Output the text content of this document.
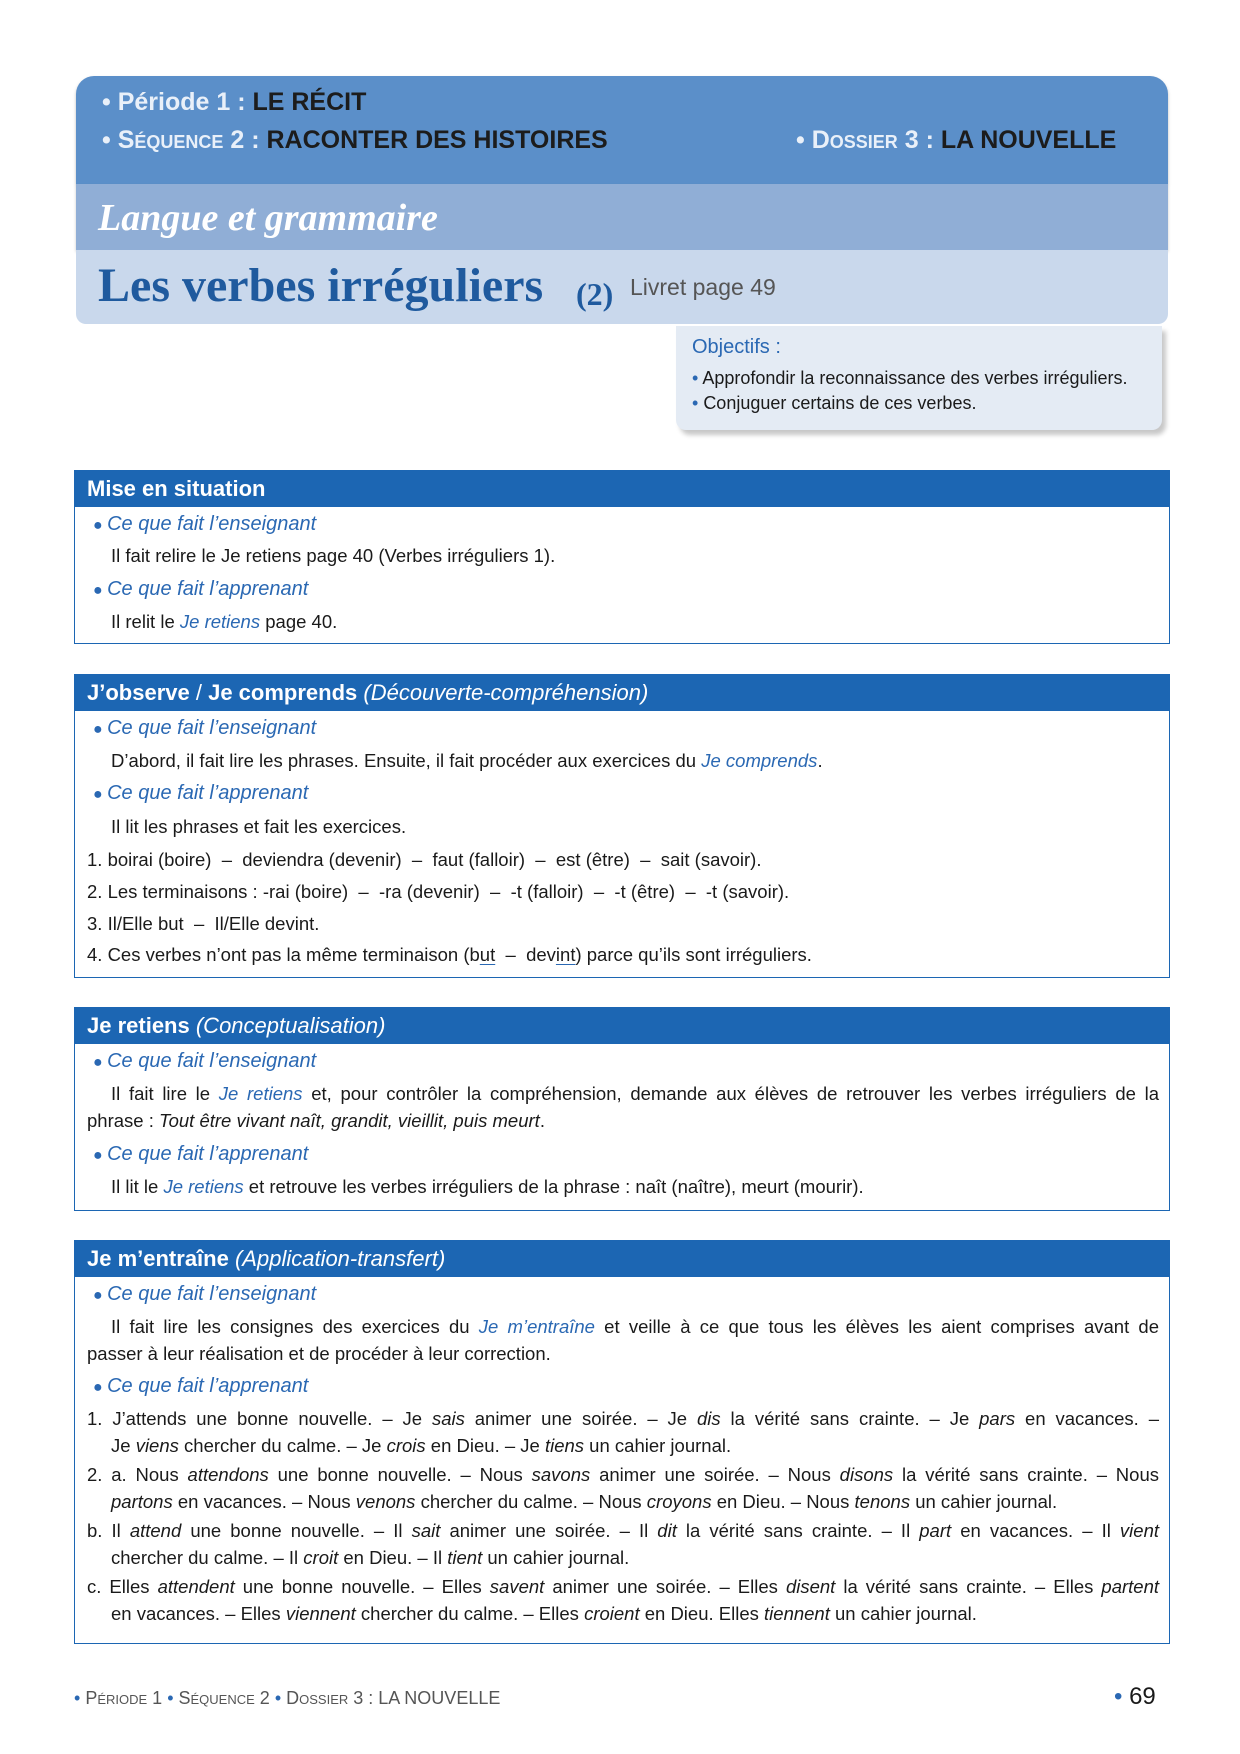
• Période 1 : LE RÉCIT
• Séquence 2 : RACONTER DES HISTOIRES	• Dossier 3 : LA NOUVELLE
Langue et grammaire
Les verbes irréguliers (2) Livret page 49
Objectifs :
• Approfondir la reconnaissance des verbes irréguliers.
• Conjuguer certains de ces verbes.
Mise en situation
● Ce que fait l’enseignant
Il fait relire le Je retiens page 40 (Verbes irréguliers 1).
● Ce que fait l’apprenant
Il relit le Je retiens page 40.
J’observe / Je comprends (Découverte-compréhension)
● Ce que fait l’enseignant
D’abord, il fait lire les phrases. Ensuite, il fait procéder aux exercices du Je comprends.
● Ce que fait l’apprenant
Il lit les phrases et fait les exercices.
1. boirai (boire)  –  deviendra (devenir)  –  faut (falloir)  –  est (être)  –  sait (savoir).
2. Les terminaisons : -rai (boire)  –  -ra (devenir)  –  -t (falloir)  –  -t (être)  –  -t (savoir).
3. Il/Elle but  –  Il/Elle devint.
4. Ces verbes n’ont pas la même terminaison (but  –  devint) parce qu’ils sont irréguliers.
Je retiens (Conceptualisation)
● Ce que fait l’enseignant
Il fait lire le Je retiens et, pour contrôler la compréhension, demande aux élèves de retrouver les verbes irréguliers de la
phrase : Tout être vivant naît, grandit, vieillit, puis meurt.
● Ce que fait l’apprenant
Il lit le Je retiens et retrouve les verbes irréguliers de la phrase : naît (naître), meurt (mourir).
Je m’entraîne (Application-transfert)
● Ce que fait l’enseignant
Il fait lire les consignes des exercices du Je m’entraîne et veille à ce que tous les élèves les aient comprises avant de
passer à leur réalisation et de procéder à leur correction.
● Ce que fait l’apprenant
1. J’attends une bonne nouvelle. – Je sais animer une soirée. – Je dis la vérité sans crainte. – Je pars en vacances. –
Je viens chercher du calme. – Je crois en Dieu. – Je tiens un cahier journal.
2. a. Nous attendons une bonne nouvelle. – Nous savons animer une soirée. – Nous disons la vérité sans crainte. – Nous
partons en vacances. – Nous venons chercher du calme. – Nous croyons en Dieu. – Nous tenons un cahier journal.
b. Il attend une bonne nouvelle. – Il sait animer une soirée. – Il dit la vérité sans crainte. – Il part en vacances. – Il vient
chercher du calme. – Il croit en Dieu. – Il tient un cahier journal.
c. Elles attendent une bonne nouvelle. – Elles savent animer une soirée. – Elles disent la vérité sans crainte. – Elles partent
en vacances. – Elles viennent chercher du calme. – Elles croient en Dieu. Elles tiennent un cahier journal.
• Période 1 • Séquence 2 • Dossier 3 : LA NOUVELLE	• 69
